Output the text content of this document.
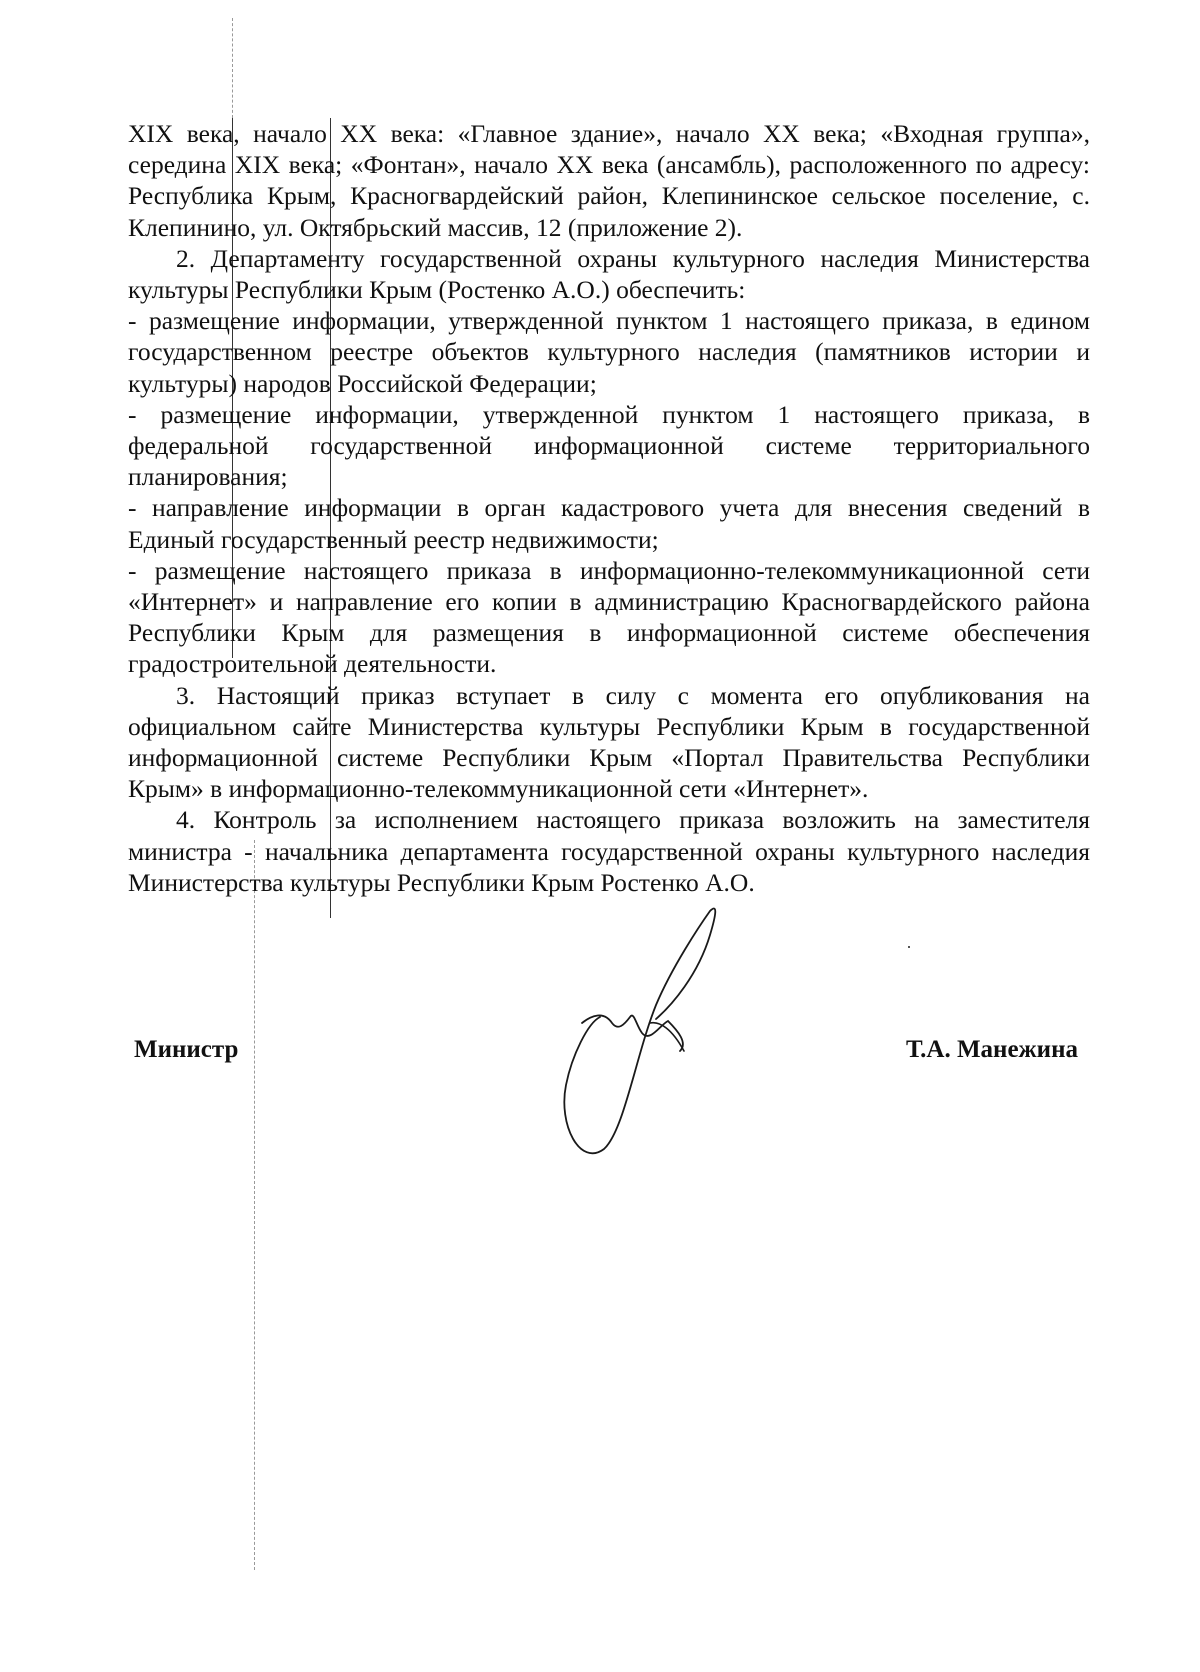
XIX века, начало XX века: «Главное здание», начало XX века; «Входная группа», середина XIX века; «Фонтан», начало XX века (ансамбль), расположенного по адресу: Республика Крым, Красногвардейский район, Клепининское сельское поселение, с. Клепинино, ул. Октябрьский массив, 12 (приложение 2).

2. Департаменту государственной охраны культурного наследия Министерства культуры Республики Крым (Ростенко А.О.) обеспечить:

- размещение информации, утвержденной пунктом 1 настоящего приказа, в едином государственном реестре объектов культурного наследия (памятников истории и культуры) народов Российской Федерации;

- размещение информации, утвержденной пунктом 1 настоящего приказа, в федеральной государственной информационной системе территориального планирования;

- направление информации в орган кадастрового учета для внесения сведений в Единый государственный реестр недвижимости;

- размещение настоящего приказа в информационно-телекоммуникационной сети «Интернет» и направление его копии в администрацию Красногвардейского района Республики Крым для размещения в информационной системе обеспечения градостроительной деятельности.

3. Настоящий приказ вступает в силу с момента его опубликования на официальном сайте Министерства культуры Республики Крым в государственной информационной системе Республики Крым «Портал Правительства Республики Крым» в информационно-телекоммуникационной сети «Интернет».

4. Контроль за исполнением настоящего приказа возложить на заместителя министра - начальника департамента государственной охраны культурного наследия Министерства культуры Республики Крым Ростенко А.О.

Министр	Т.А. Манежина
